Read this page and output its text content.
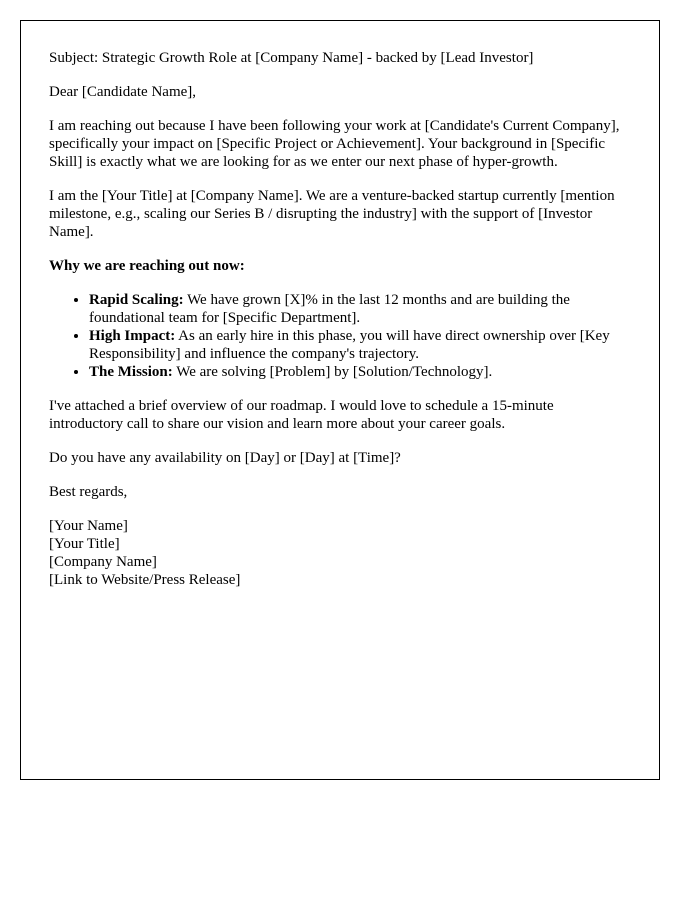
Subject: Strategic Growth Role at [Company Name] - backed by [Lead Investor]

Dear [Candidate Name],

I am reaching out because I have been following your work at [Candidate's Current Company], specifically your impact on [Specific Project or Achievement]. Your background in [Specific Skill] is exactly what we are looking for as we enter our next phase of hyper-growth.

I am the [Your Title] at [Company Name]. We are a venture-backed startup currently [mention milestone, e.g., scaling our Series B / disrupting the industry] with the support of [Investor Name].

Why we are reaching out now:

• Rapid Scaling: We have grown [X]% in the last 12 months and are building the foundational team for [Specific Department].
• High Impact: As an early hire in this phase, you will have direct ownership over [Key Responsibility] and influence the company's trajectory.
• The Mission: We are solving [Problem] by [Solution/Technology].

I've attached a brief overview of our roadmap. I would love to schedule a 15-minute introductory call to share our vision and learn more about your career goals.

Do you have any availability on [Day] or [Day] at [Time]?

Best regards,

[Your Name]
[Your Title]
[Company Name]
[Link to Website/Press Release]
